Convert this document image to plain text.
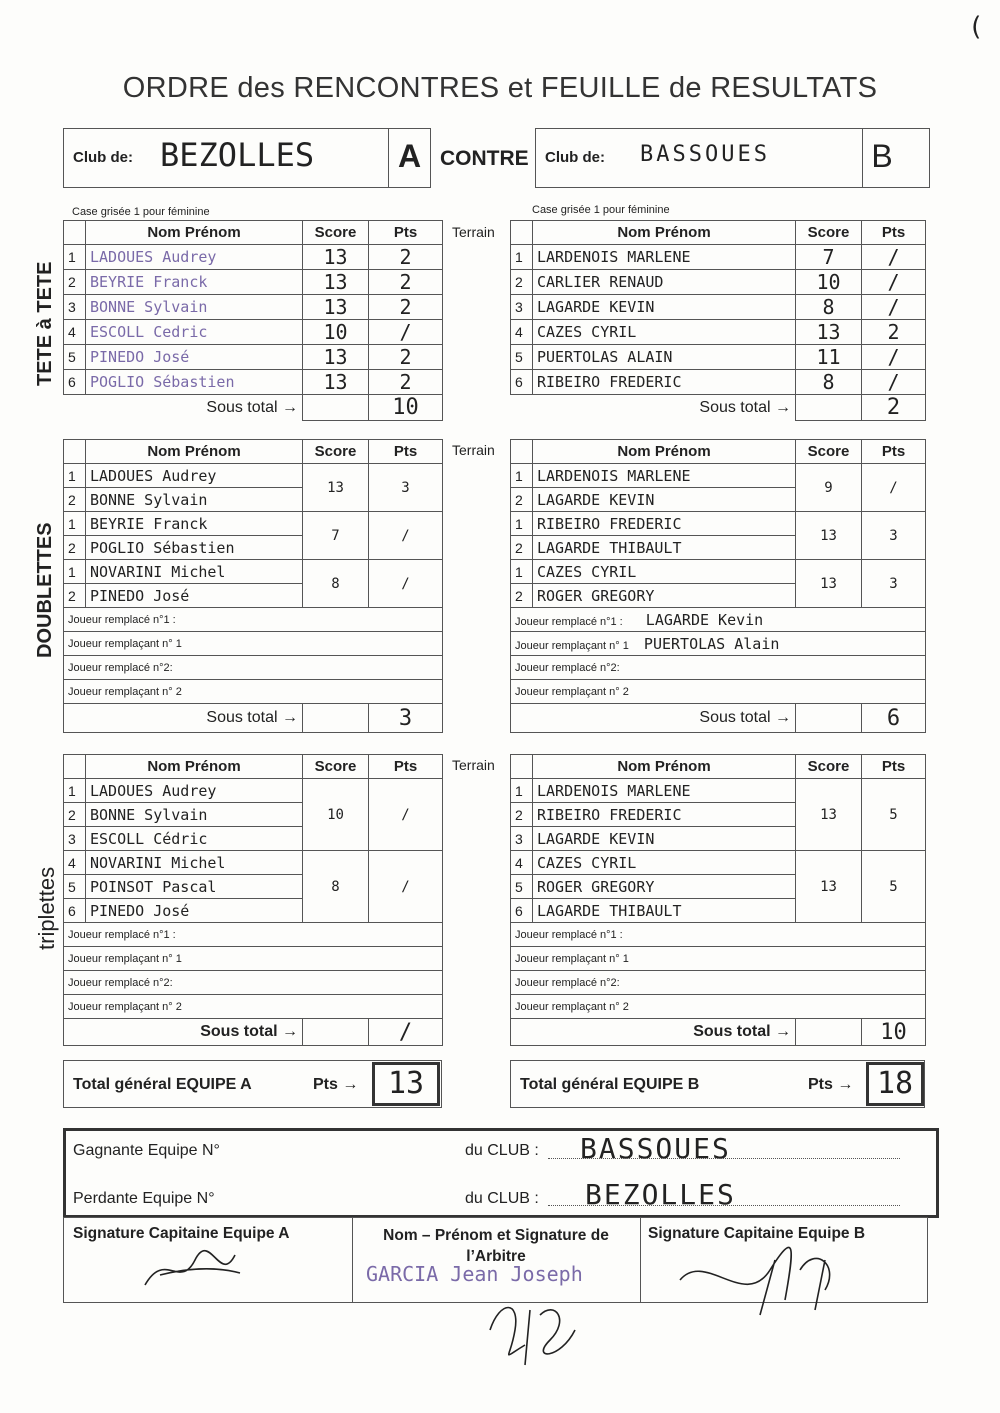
(
ORDRE des RENCONTRES et FEUILLE de RESULTATS
Club de: BEZOLLES	A CONTRE Club de: BASSOUES	B
Case grisée 1 pour féminine	Case grisée 1 pour féminine
TETE à TETE
DOUBLETTES
triplettes
Terrain
Terrain
Terrain
	Nom Prénom	Score	Pts
1	LADOUES Audrey	13	2
2	BEYRIE Franck	13	2
3	BONNE Sylvain	13	2
4	ESCOLL Cedric	10	/
5	PINEDO José	13	2
6	POGLIO Sébastien	13	2
Sous total →			10
	Nom Prénom	Score	Pts
1	LARDENOIS MARLENE	7	/
2	CARLIER RENAUD	10	/
3	LAGARDE KEVIN	8	/
4	CAZES CYRIL	13	2
5	PUERTOLAS ALAIN	11	/
6	RIBEIRO FREDERIC	8	/
Sous total →			2
	Nom Prénom	Score	Pts
1	LADOUES Audrey	13	3
2	BONNE Sylvain		
1	BEYRIE Franck	7	/
2	POGLIO Sébastien		
1	NOVARINI Michel	8	/
2	PINEDO José		
Joueur remplacé n°1 :			
Joueur remplaçant n° 1			
Joueur remplacé n°2:			
Joueur remplaçant n° 2			
Sous total →			3
	Nom Prénom	Score	Pts
1	LARDENOIS MARLENE	9	/
2	LAGARDE KEVIN		
1	RIBEIRO FREDERIC	13	3
2	LAGARDE THIBAULT		
1	CAZES CYRIL	13	3
2	ROGER GREGORY		
Joueur remplacé n°1 : LAGARDE Kevin			
Joueur remplaçant n° 1 PUERTOLAS Alain			
Joueur remplacé n°2:			
Joueur remplaçant n° 2			
Sous total →			6
	Nom Prénom	Score	Pts
1	LADOUES Audrey	10	/
2	BONNE Sylvain		
3	ESCOLL Cédric		
4	NOVARINI Michel	8	/
5	POINSOT Pascal		
6	PINEDO José		
Joueur remplacé n°1 :			
Joueur remplaçant n° 1			
Joueur remplacé n°2:			
Joueur remplaçant n° 2			
Sous total →			/
	Nom Prénom	Score	Pts
1	LARDENOIS MARLENE	13	5
2	RIBEIRO FREDERIC		
3	LAGARDE KEVIN		
4	CAZES CYRIL	13	5
5	ROGER GREGORY		
6	LAGARDE THIBAULT		
Joueur remplacé n°1 :			
Joueur remplaçant n° 1			
Joueur remplacé n°2:			
Joueur remplaçant n° 2			
Sous total →			10
Total général EQUIPE A	Pts → 13	Total général EQUIPE B	Pts → 18
Gagnante Equipe N°	du CLUB : BASSOUES
Perdante Equipe N°	du CLUB : BEZOLLES
Signature Capitaine Equipe A	Nom – Prénom et Signature de l’Arbitre
Signature Capitaine Equipe B
GARCIA Jean Joseph
